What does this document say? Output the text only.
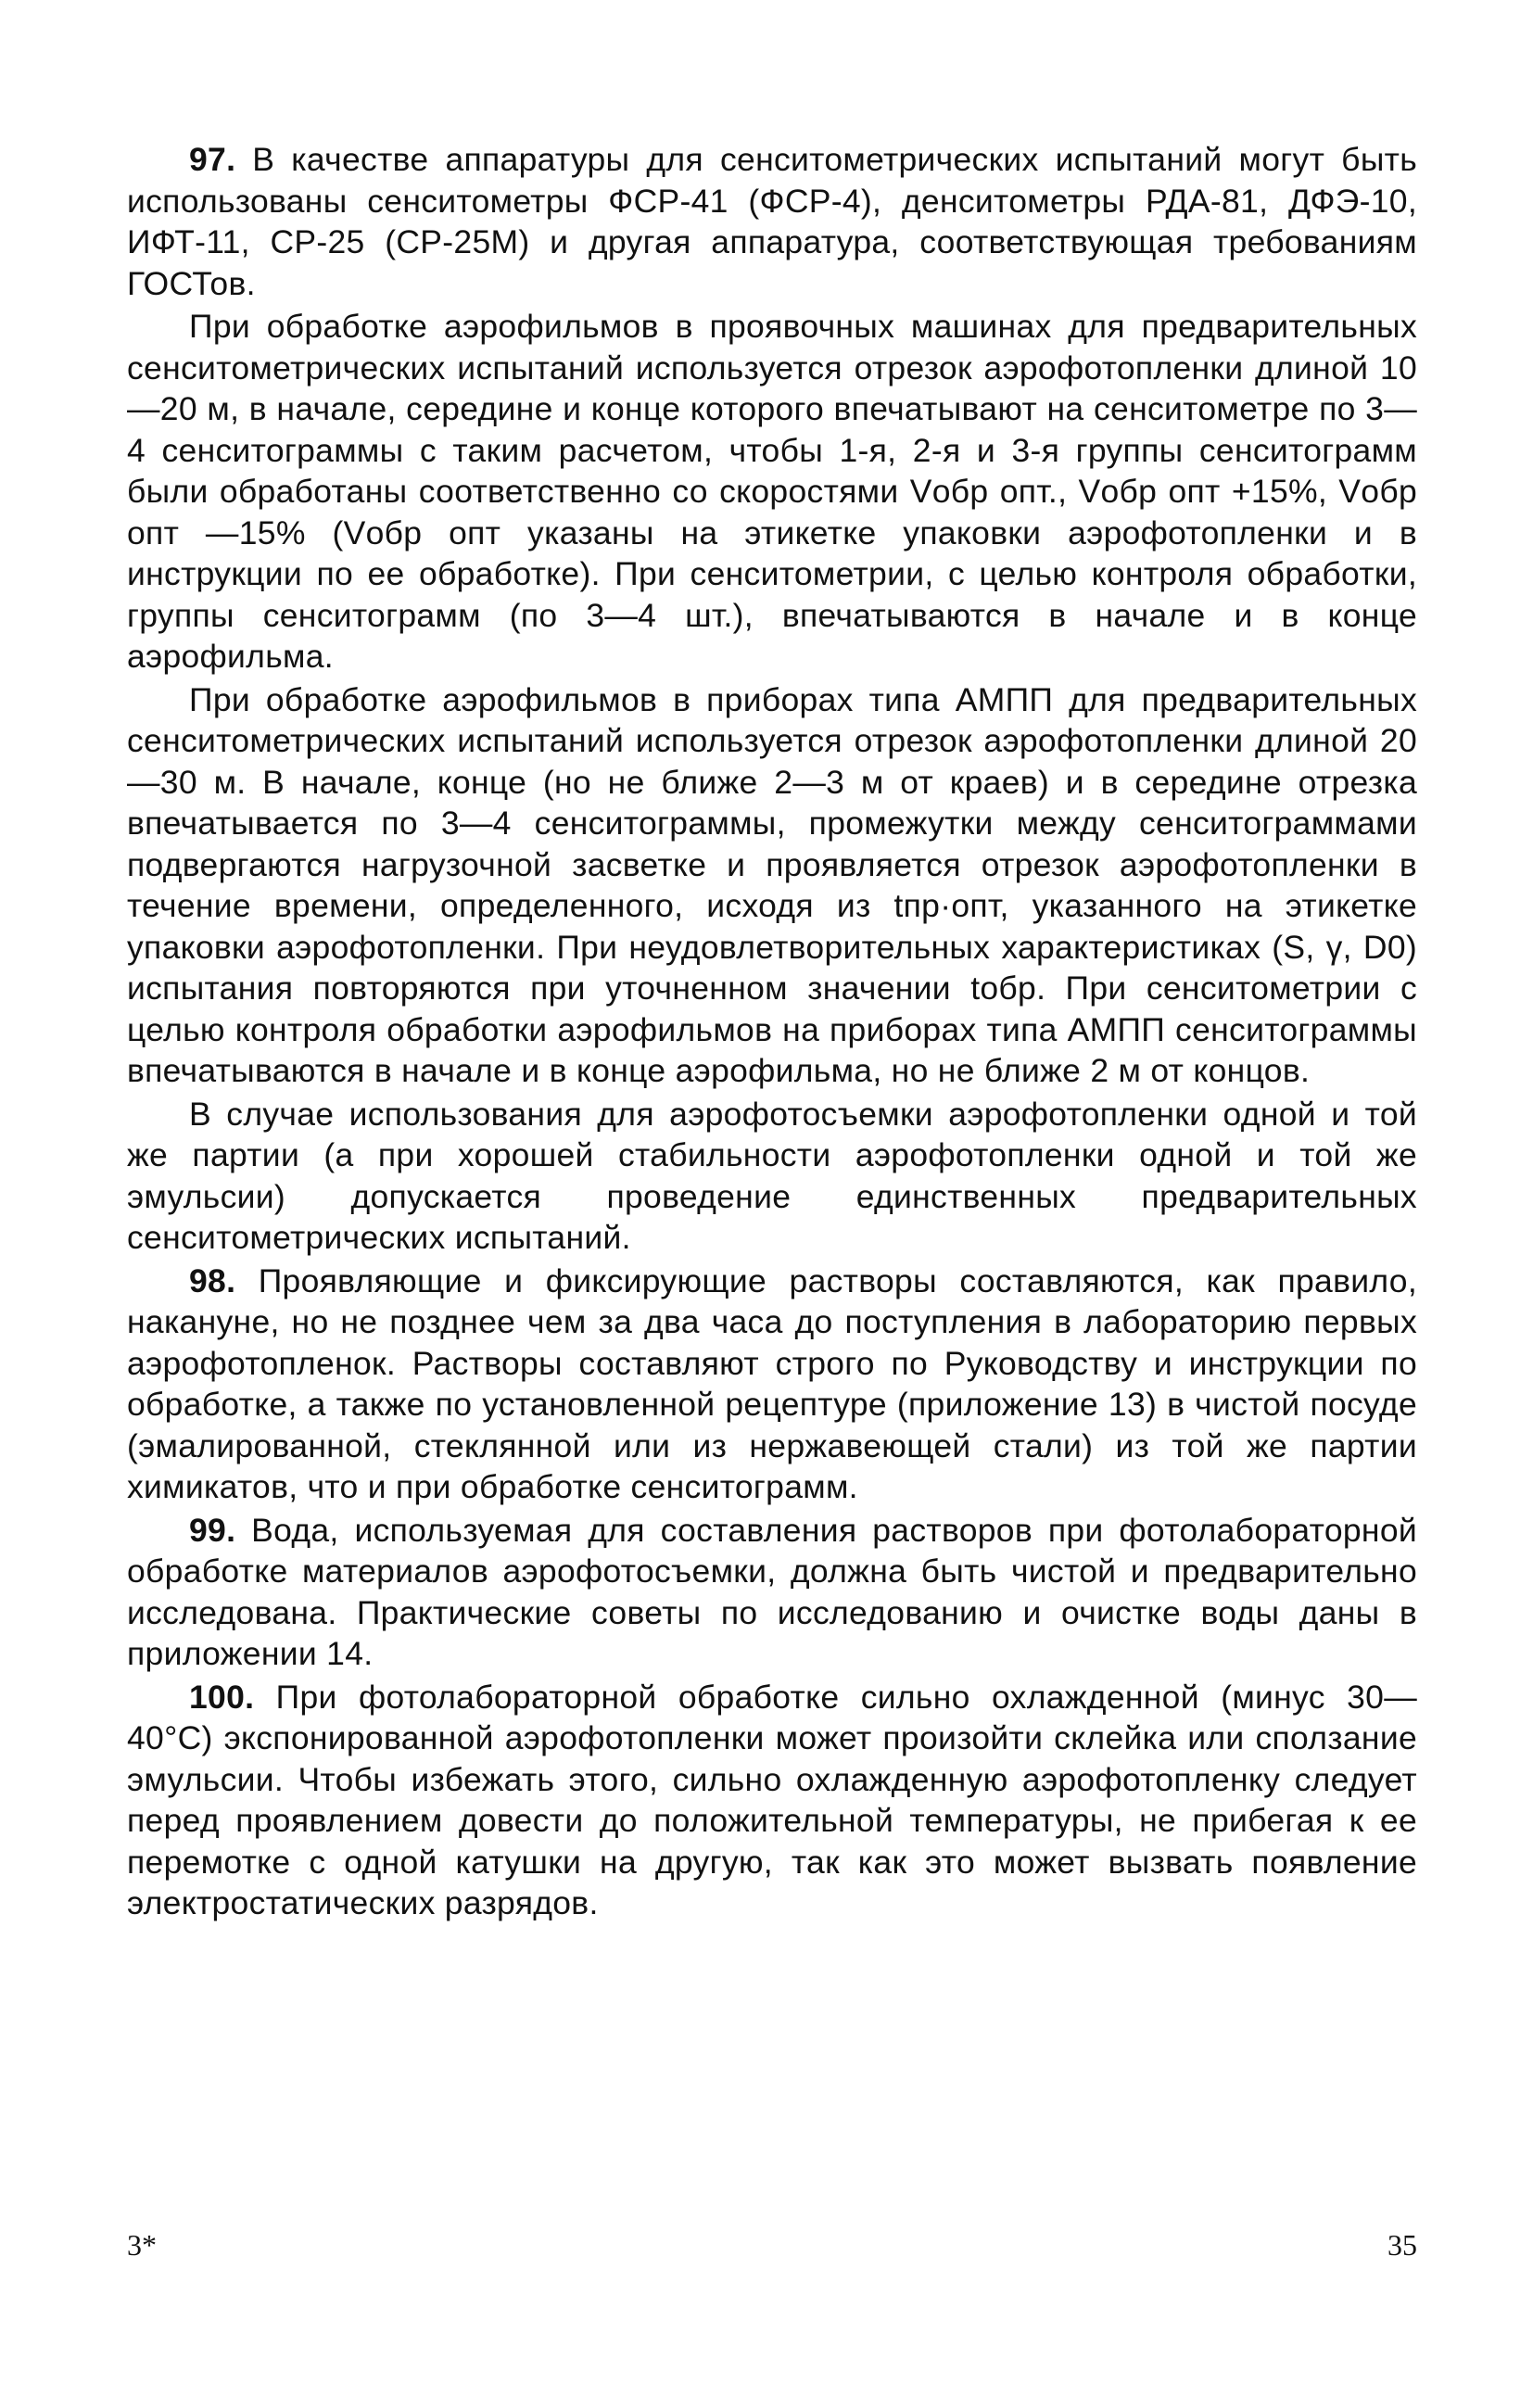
97. В качестве аппаратуры для сенситометрических испытаний могут быть использованы сенситометры ФСР-41 (ФСР-4), денситометры РДА-81, ДФЭ-10, ИФТ-11, СР-25 (СР-25М) и другая аппаратура, соответствующая требованиям ГОСТов.

При обработке аэрофильмов в проявочных машинах для предварительных сенситометрических испытаний используется отрезок аэрофотопленки длиной 10—20 м, в начале, середине и конце которого впечатывают на сенситометре по 3—4 сенситограммы с таким расчетом, чтобы 1-я, 2-я и 3-я группы сенситограмм были обработаны соответственно со скоростями Vобр опт., Vобр опт +15%, Vобр опт —15% (Vобр опт указаны на этикетке упаковки аэрофотопленки и в инструкции по ее обработке). При сенситометрии, с целью контроля обработки, группы сенситограмм (по 3—4 шт.), впечатываются в начале и в конце аэрофильма.

При обработке аэрофильмов в приборах типа АМПП для предварительных сенситометрических испытаний используется отрезок аэрофотопленки длиной 20—30 м. В начале, конце (но не ближе 2—3 м от краев) и в середине отрезка впечатывается по 3—4 сенситограммы, промежутки между сенситограммами подвергаются нагрузочной засветке и проявляется отрезок аэрофотопленки в течение времени, определенного, исходя из tпр·опт, указанного на этикетке упаковки аэрофотопленки. При неудовлетворительных характеристиках (S, γ, D0) испытания повторяются при уточненном значении tобр. При сенситометрии с целью контроля обработки аэрофильмов на приборах типа АМПП сенситограммы впечатываются в начале и в конце аэрофильма, но не ближе 2 м от концов.

В случае использования для аэрофотосъемки аэрофотопленки одной и той же партии (а при хорошей стабильности аэрофотопленки одной и той же эмульсии) допускается проведение единственных предварительных сенситометрических испытаний.

98. Проявляющие и фиксирующие растворы составляются, как правило, накануне, но не позднее чем за два часа до поступления в лабораторию первых аэрофотопленок. Растворы составляют строго по Руководству и инструкции по обработке, а также по установленной рецептуре (приложение 13) в чистой посуде (эмалированной, стеклянной или из нержавеющей стали) из той же партии химикатов, что и при обработке сенситограмм.

99. Вода, используемая для составления растворов при фотолабораторной обработке материалов аэрофотосъемки, должна быть чистой и предварительно исследована. Практические советы по исследованию и очистке воды даны в приложении 14.

100. При фотолабораторной обработке сильно охлажденной (минус 30—40°С) экспонированной аэрофотопленки может произойти склейка или сползание эмульсии. Чтобы избежать этого, сильно охлажденную аэрофотопленку следует перед проявлением довести до положительной температуры, не прибегая к ее перемотке с одной катушки на другую, так как это может вызвать появление электростатических разрядов.

3*	35
